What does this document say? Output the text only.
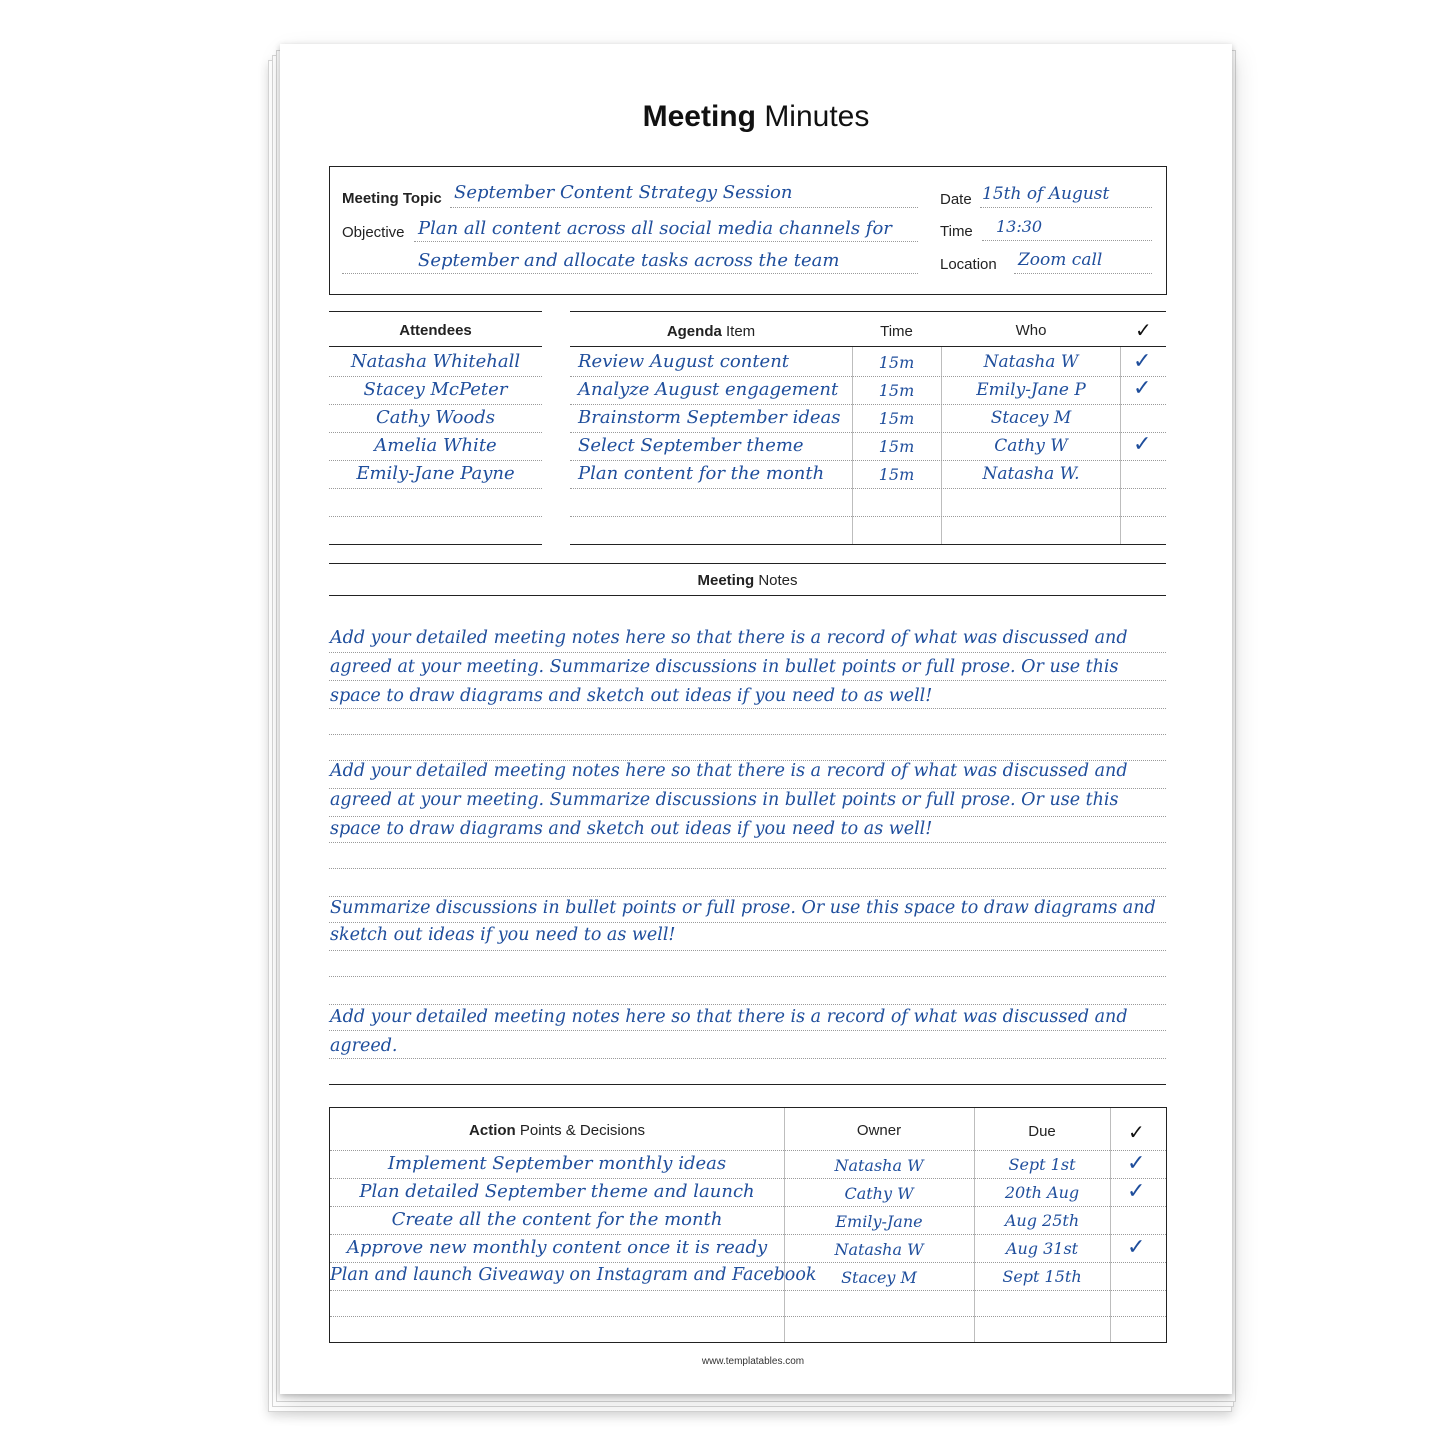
Meeting Minutes
Meeting Topic September Content Strategy Session
Objective Plan all content across all social media channels for
September and allocate tasks across the team
Date 15th of August
Time 13:30
Location Zoom call
Attendees
Natasha Whitehall
Stacey McPeter
Cathy Woods
Amelia White
Emily-Jane Payne
Agenda Item	Time	Who	✓
Review August content	15m	Natasha W	✓
Analyze August engagement	15m	Emily-Jane P	✓
Brainstorm September ideas	15m	Stacey M
Select September theme	15m	Cathy W	✓
Plan content for the month	15m	Natasha W.
Meeting Notes
Add your detailed meeting notes here so that there is a record of what was discussed and agreed at your meeting. Summarize discussions in bullet points or full prose. Or use this space to draw diagrams and sketch out ideas if you need to as well!
Add your detailed meeting notes here so that there is a record of what was discussed and agreed at your meeting. Summarize discussions in bullet points or full prose. Or use this space to draw diagrams and sketch out ideas if you need to as well!
Summarize discussions in bullet points or full prose. Or use this space to draw diagrams and sketch out ideas if you need to as well!
Add your detailed meeting notes here so that there is a record of what was discussed and agreed.
Action Points & Decisions	Owner	Due	✓
Implement September monthly ideas	Natasha W	Sept 1st	✓
Plan detailed September theme and launch	Cathy W	20th Aug	✓
Create all the content for the month	Emily-Jane	Aug 25th
Approve new monthly content once it is ready	Natasha W	Aug 31st	✓
Plan and launch Giveaway on Instagram and Facebook	Stacey M	Sept 15th
www.templatables.com
